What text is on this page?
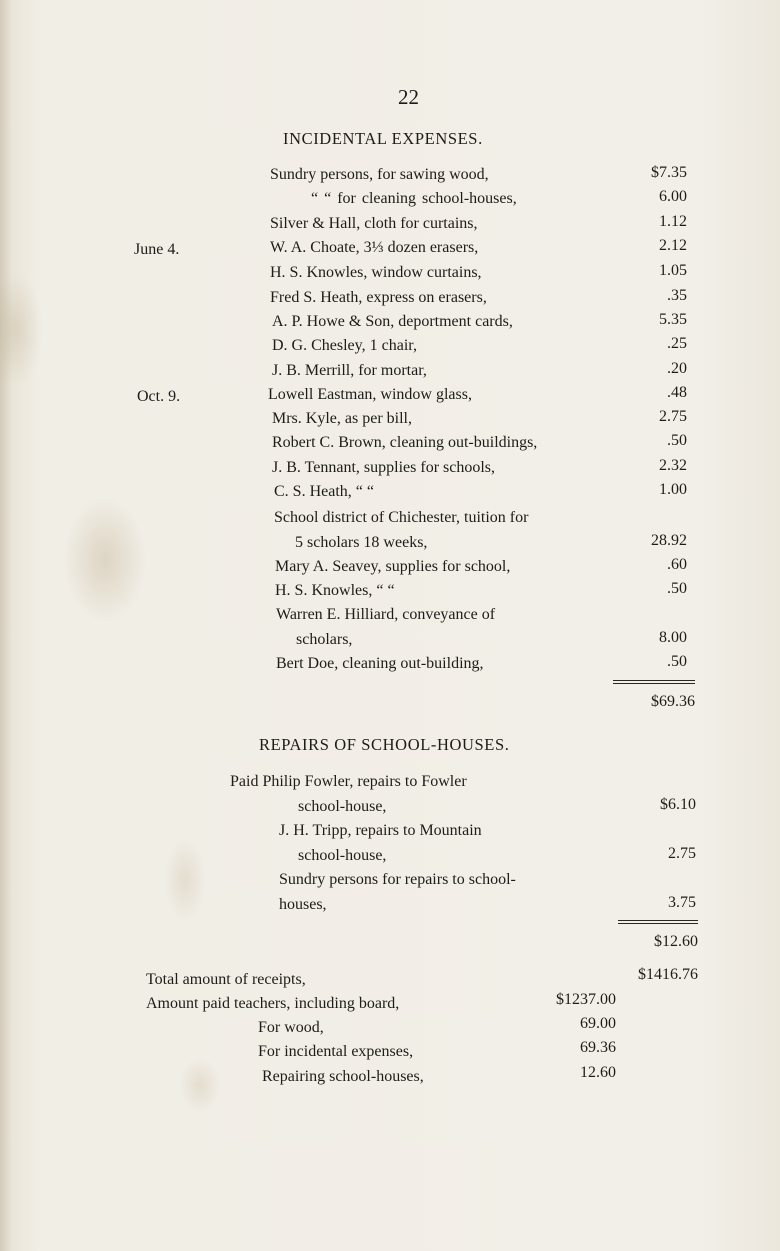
22
INCIDENTAL EXPENSES.
Sundry persons, for sawing wood,	$7.35
“ “ for cleaning school-houses,	6.00
Silver & Hall, cloth for curtains,	1.12
June 4.	W. A. Choate, 3⅓ dozen erasers,	2.12
H. S. Knowles, window curtains,	1.05
Fred S. Heath, express on erasers,	.35
A. P. Howe & Son, deportment cards,	5.35
D. G. Chesley, 1 chair,	.25
J. B. Merrill, for mortar,	.20
Oct. 9.	Lowell Eastman, window glass,	.48
Mrs. Kyle, as per bill,	2.75
Robert C. Brown, cleaning out-buildings,	.50
J. B. Tennant, supplies for schools,	2.32
C. S. Heath, “ “	1.00
School district of Chichester, tuition for
5 scholars 18 weeks,	28.92
Mary A. Seavey, supplies for school,	.60
H. S. Knowles, “ “	.50
Warren E. Hilliard, conveyance of
scholars,	8.00
Bert Doe, cleaning out-building,	.50
$69.36
REPAIRS OF SCHOOL-HOUSES.
Paid Philip Fowler, repairs to Fowler
school-house,	$6.10
J. H. Tripp, repairs to Mountain
school-house,	2.75
Sundry persons for repairs to school-
houses,	3.75
$12.60
Total amount of receipts,	$1416.76
Amount paid teachers, including board,	$1237.00
For wood,	69.00
For incidental expenses,	69.36
Repairing school-houses,	12.60
